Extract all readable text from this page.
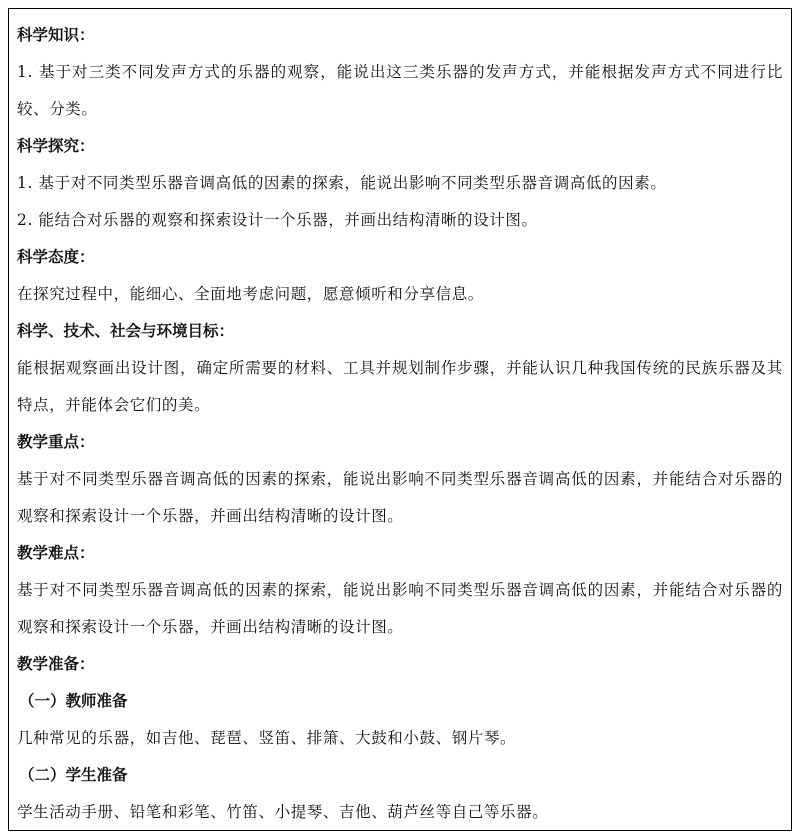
科学知识：
1. 基于对三类不同发声方式的乐器的观察，能说出这三类乐器的发声方式，并能根据发声方式不同进行比较、分类。
科学探究：
1. 基于对不同类型乐器音调高低的因素的探索，能说出影响不同类型乐器音调高低的因素。
2. 能结合对乐器的观察和探索设计一个乐器，并画出结构清晰的设计图。
科学态度：
在探究过程中，能细心、全面地考虑问题，愿意倾听和分享信息。
科学、技术、社会与环境目标：
能根据观察画出设计图，确定所需要的材料、工具并规划制作步骤，并能认识几种我国传统的民族乐器及其特点，并能体会它们的美。
教学重点：
基于对不同类型乐器音调高低的因素的探索，能说出影响不同类型乐器音调高低的因素，并能结合对乐器的观察和探索设计一个乐器，并画出结构清晰的设计图。
教学难点：
基于对不同类型乐器音调高低的因素的探索，能说出影响不同类型乐器音调高低的因素，并能结合对乐器的观察和探索设计一个乐器，并画出结构清晰的设计图。
教学准备：
（一）教师准备
几种常见的乐器，如吉他、琵琶、竖笛、排箫、大鼓和小鼓、钢片琴。
（二）学生准备
学生活动手册、铅笔和彩笔、竹笛、小提琴、吉他、葫芦丝等自己等乐器。
